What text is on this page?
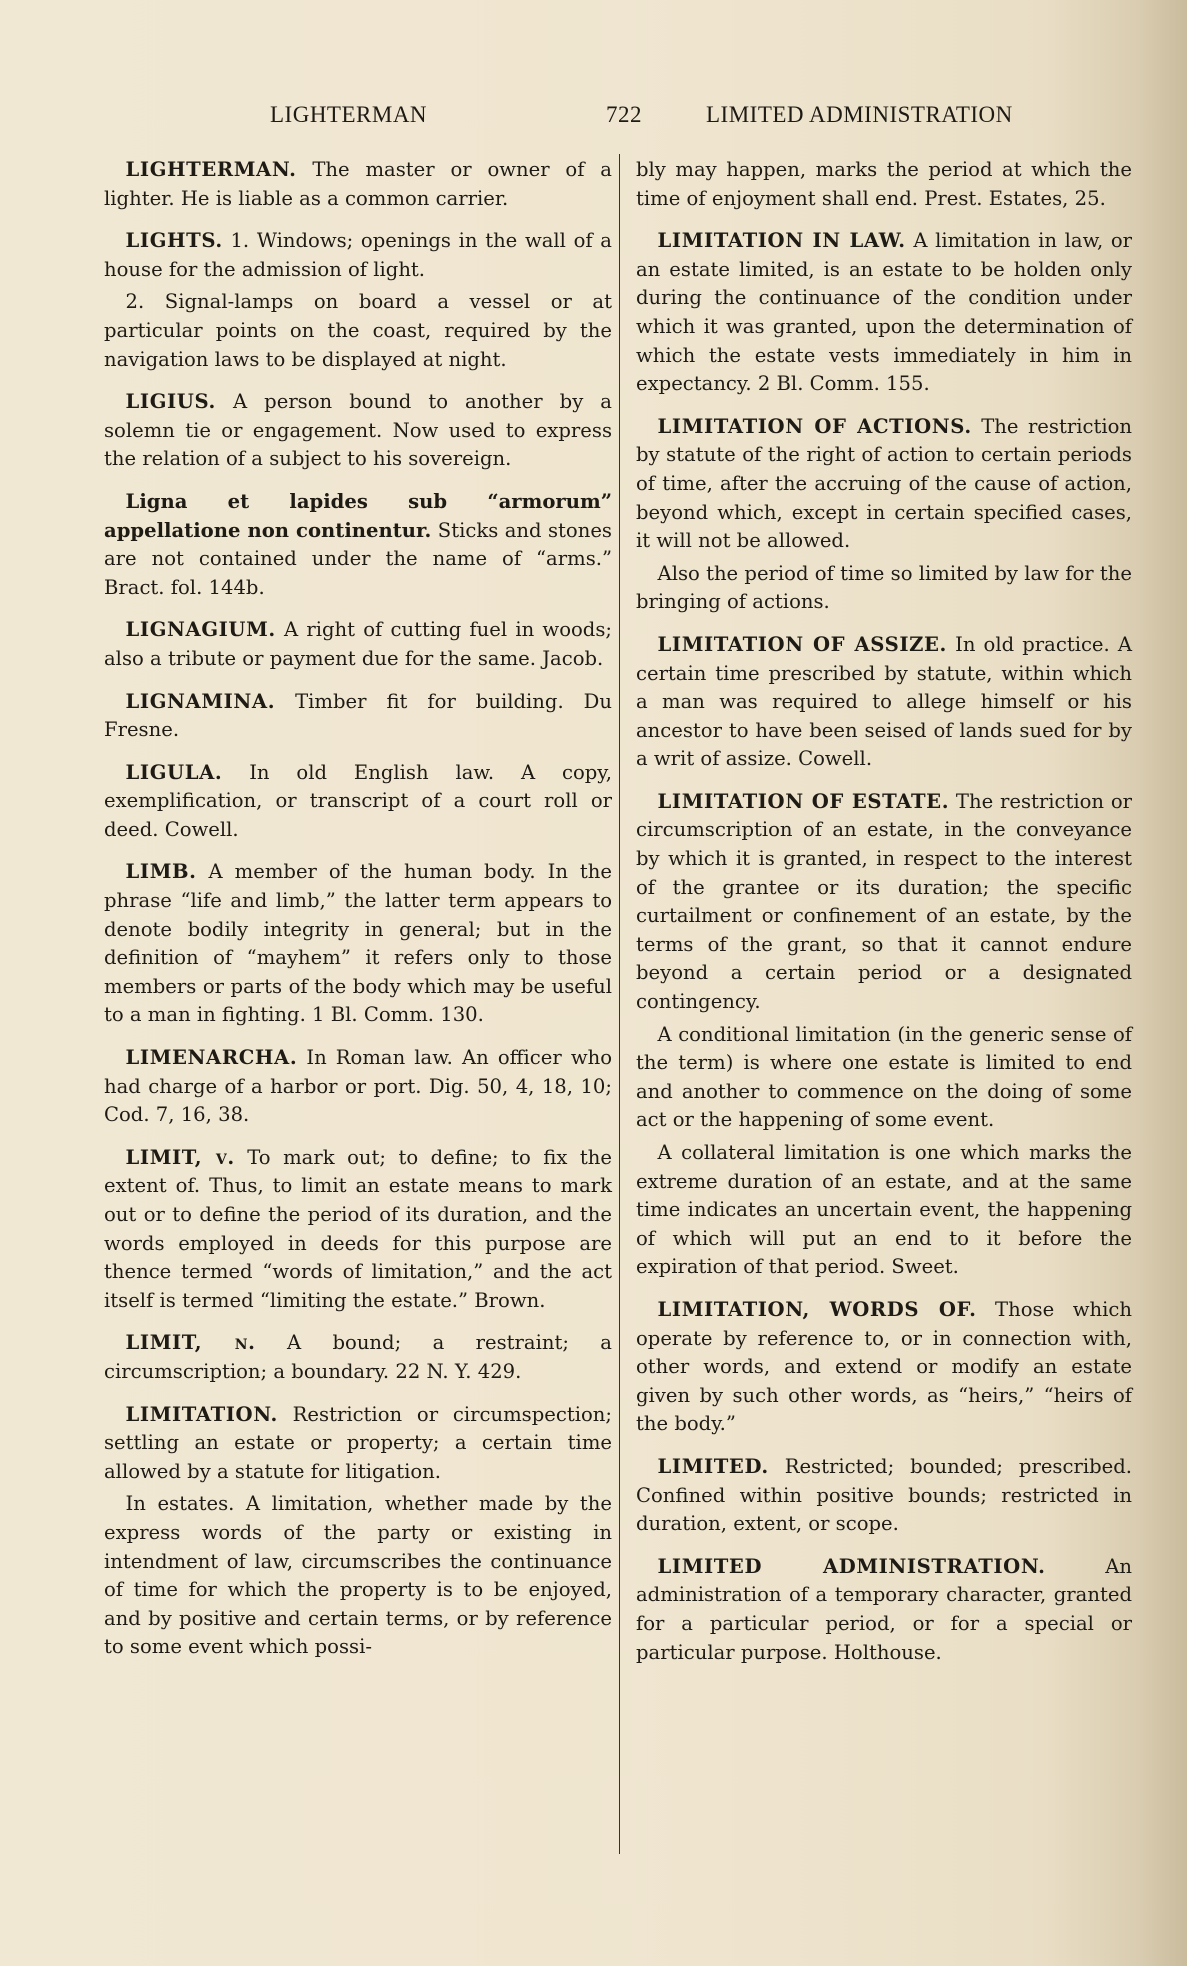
LIGHTERMAN	722	LIMITED ADMINISTRATION

LIGHTERMAN. The master or owner of a lighter. He is liable as a common carrier.

LIGHTS. 1. Windows; openings in the wall of a house for the admission of light.

2. Signal-lamps on board a vessel or at particular points on the coast, required by the navigation laws to be displayed at night.

LIGIUS. A person bound to another by a solemn tie or engagement. Now used to express the relation of a subject to his sovereign.

Ligna et lapides sub “armorum” appellatione non continentur. Sticks and stones are not contained under the name of “arms.” Bract. fol. 144b.

LIGNAGIUM. A right of cutting fuel in woods; also a tribute or payment due for the same. Jacob.

LIGNAMINA. Timber fit for building. Du Fresne.

LIGULA. In old English law. A copy, exemplification, or transcript of a court roll or deed. Cowell.

LIMB. A member of the human body. In the phrase “life and limb,” the latter term appears to denote bodily integrity in general; but in the definition of “mayhem” it refers only to those members or parts of the body which may be useful to a man in fighting. 1 Bl. Comm. 130.

LIMENARCHA. In Roman law. An officer who had charge of a harbor or port. Dig. 50, 4, 18, 10; Cod. 7, 16, 38.

LIMIT, v. To mark out; to define; to fix the extent of. Thus, to limit an estate means to mark out or to define the period of its duration, and the words employed in deeds for this purpose are thence termed “words of limitation,” and the act itself is termed “limiting the estate.” Brown.

LIMIT, n. A bound; a restraint; a circumscription; a boundary. 22 N. Y. 429.

LIMITATION. Restriction or circumspection; settling an estate or property; a certain time allowed by a statute for litigation.

In estates. A limitation, whether made by the express words of the party or existing in intendment of law, circumscribes the continuance of time for which the property is to be enjoyed, and by positive and certain terms, or by reference to some event which possi-

bly may happen, marks the period at which the time of enjoyment shall end. Prest. Estates, 25.

LIMITATION IN LAW. A limitation in law, or an estate limited, is an estate to be holden only during the continuance of the condition under which it was granted, upon the determination of which the estate vests immediately in him in expectancy. 2 Bl. Comm. 155.

LIMITATION OF ACTIONS. The restriction by statute of the right of action to certain periods of time, after the accruing of the cause of action, beyond which, except in certain specified cases, it will not be allowed.

Also the period of time so limited by law for the bringing of actions.

LIMITATION OF ASSIZE. In old practice. A certain time prescribed by statute, within which a man was required to allege himself or his ancestor to have been seised of lands sued for by a writ of assize. Cowell.

LIMITATION OF ESTATE. The restriction or circumscription of an estate, in the conveyance by which it is granted, in respect to the interest of the grantee or its duration; the specific curtailment or confinement of an estate, by the terms of the grant, so that it cannot endure beyond a certain period or a designated contingency.

A conditional limitation (in the generic sense of the term) is where one estate is limited to end and another to commence on the doing of some act or the happening of some event.

A collateral limitation is one which marks the extreme duration of an estate, and at the same time indicates an uncertain event, the happening of which will put an end to it before the expiration of that period. Sweet.

LIMITATION, WORDS OF. Those which operate by reference to, or in connection with, other words, and extend or modify an estate given by such other words, as “heirs,” “heirs of the body.”

LIMITED. Restricted; bounded; prescribed. Confined within positive bounds; restricted in duration, extent, or scope.

LIMITED ADMINISTRATION. An administration of a temporary character, granted for a particular period, or for a special or particular purpose. Holthouse.
